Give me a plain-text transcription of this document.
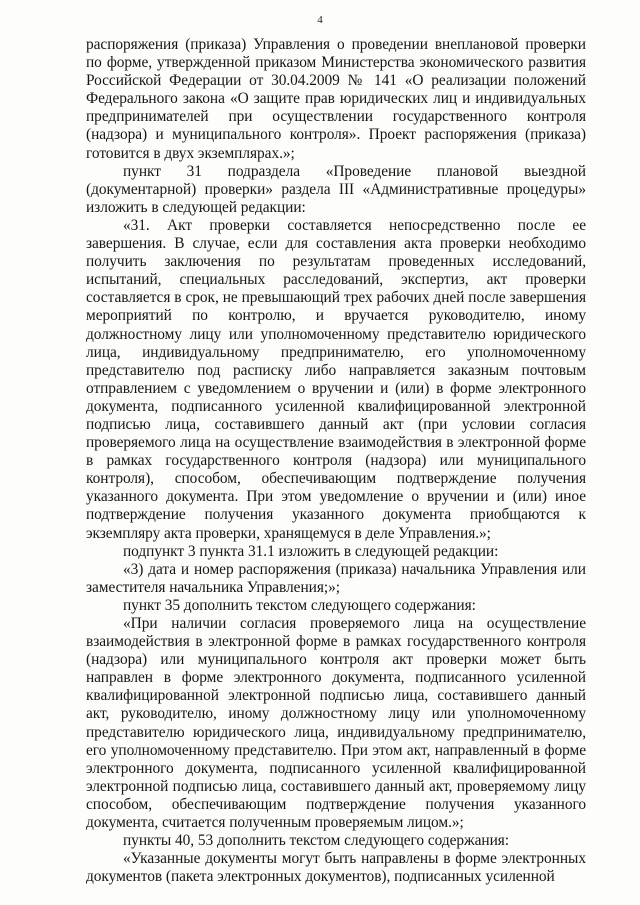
4

распоряжения (приказа) Управления о проведении внеплановой проверки по форме, утвержденной приказом Министерства экономического развития Российской Федерации от 30.04.2009 № 141 «О реализации положений Федерального закона «О защите прав юридических лиц и индивидуальных предпринимателей при осуществлении государственного контроля (надзора) и муниципального контроля». Проект распоряжения (приказа) готовится в двух экземплярах.»;

пункт 31 подраздела «Проведение плановой выездной (документарной) проверки» раздела III «Административные процедуры» изложить в следующей редакции:

«31. Акт проверки составляется непосредственно после ее завершения. В случае, если для составления акта проверки необходимо получить заключения по результатам проведенных исследований, испытаний, специальных расследований, экспертиз, акт проверки составляется в срок, не превышающий трех рабочих дней после завершения мероприятий по контролю, и вручается руководителю, иному должностному лицу или уполномоченному представителю юридического лица, индивидуальному предпринимателю, его уполномоченному представителю под расписку либо направляется заказным почтовым отправлением с уведомлением о вручении и (или) в форме электронного документа, подписанного усиленной квалифицированной электронной подписью лица, составившего данный акт (при условии согласия проверяемого лица на осуществление взаимодействия в электронной форме в рамках государственного контроля (надзора) или муниципального контроля), способом, обеспечивающим подтверждение получения указанного документа. При этом уведомление о вручении и (или) иное подтверждение получения указанного документа приобщаются к экземпляру акта проверки, хранящемуся в деле Управления.»;

подпункт 3 пункта 31.1 изложить в следующей редакции:

«3) дата и номер распоряжения (приказа) начальника Управления или заместителя начальника Управления;»;

пункт 35 дополнить текстом следующего содержания:

«При наличии согласия проверяемого лица на осуществление взаимодействия в электронной форме в рамках государственного контроля (надзора) или муниципального контроля акт проверки может быть направлен в форме электронного документа, подписанного усиленной квалифицированной электронной подписью лица, составившего данный акт, руководителю, иному должностному лицу или уполномоченному представителю юридического лица, индивидуальному предпринимателю, его уполномоченному представителю. При этом акт, направленный в форме электронного документа, подписанного усиленной квалифицированной электронной подписью лица, составившего данный акт, проверяемому лицу способом, обеспечивающим подтверждение получения указанного документа, считается полученным проверяемым лицом.»;

пункты 40, 53 дополнить текстом следующего содержания:

«Указанные документы могут быть направлены в форме электронных документов (пакета электронных документов), подписанных усиленной
